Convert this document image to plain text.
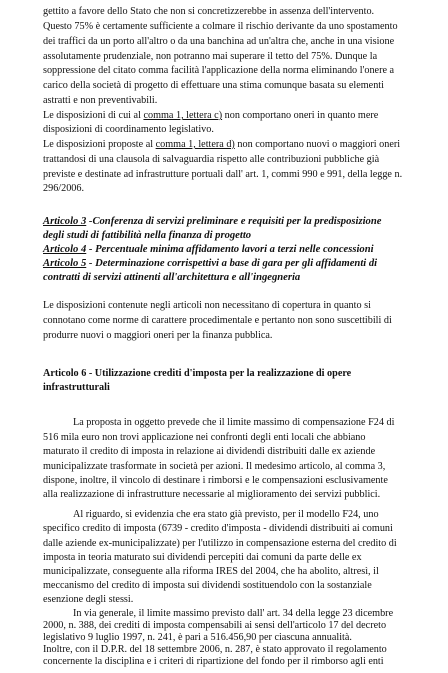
gettito a favore dello Stato che non si concretizzerebbe in assenza dell'intervento.
Questo 75% è certamente sufficiente a colmare il rischio derivante da uno spostamento
dei traffici da un porto all'altro o da una banchina ad un'altra che, anche in una visione
assolutamente prudenziale, non potranno mai superare il tetto del 75%. Dunque la
soppressione del citato comma facilità l'applicazione della norma eliminando l'onere a
carico della società di progetto di effettuare una stima comunque basata su elementi
astratti e non preventivabili.
Le disposizioni di cui al comma 1, lettera c) non comportano oneri in quanto mere
disposizioni di coordinamento legislativo.
Le disposizioni proposte al comma 1, lettera d) non comportano nuovi o maggiori oneri
trattandosi di una clausola di salvaguardia rispetto alle contribuzioni pubbliche già
previste e destinate ad infrastrutture portuali dall' art. 1, commi 990 e 991, della legge n.
296/2006.
Articolo 3 -Conferenza di servizi preliminare e requisiti per la predisposizione
degli studi di fattibilità nella finanza di progetto
Articolo 4 - Percentuale minima affidamento lavori a terzi nelle concessioni
Articolo 5 - Determinazione corrispettivi a base di gara per gli affidamenti di
contratti di servizi attinenti all'architettura e all'ingegneria
Le disposizioni contenute negli articoli non necessitano di copertura in quanto si
connotano come norme di carattere procedimentale e pertanto non sono suscettibili di
produrre nuovi o maggiori oneri per la finanza pubblica.
Articolo 6 - Utilizzazione crediti d'imposta per la realizzazione di opere
infrastrutturali
La proposta in oggetto prevede che il limite massimo di compensazione F24 di
516 mila euro non trovi applicazione nei confronti degli enti locali che abbiano
maturato il credito di imposta in relazione ai dividendi distribuiti dalle ex aziende
municipalizzate trasformate in società per azioni. Il medesimo articolo, al comma 3,
dispone, inoltre, il vincolo di destinare i rimborsi e le compensazioni esclusivamente
alla realizzazione di infrastrutture necessarie al miglioramento dei servizi pubblici.
Al riguardo, si evidenzia che era stato già previsto, per il modello F24, uno
specifico credito di imposta (6739 - credito d'imposta - dividendi distribuiti ai comuni
dalle aziende ex-municipalizzate) per l'utilizzo in compensazione esterna del credito di
imposta in teoria maturato sui dividendi percepiti dai comuni da parte delle ex
municipalizzate, conseguente alla riforma IRES del 2004, che ha abolito, altresì, il
meccanismo del credito di imposta sui dividendi sostituendolo con la sostanziale
esenzione degli stessi.
In via generale, il limite massimo previsto dall' art. 34 della legge 23 dicembre
2000, n. 388, dei crediti di imposta compensabili ai sensi dell'articolo 17 del decreto
legislativo 9 luglio 1997, n. 241, è pari a 516.456,90 per ciascuna annualità.
Inoltre, con il D.P.R. del 18 settembre 2006, n. 287, è stato approvato il regolamento
concernente la disciplina e i criteri di ripartizione del fondo per il rimborso agli enti
